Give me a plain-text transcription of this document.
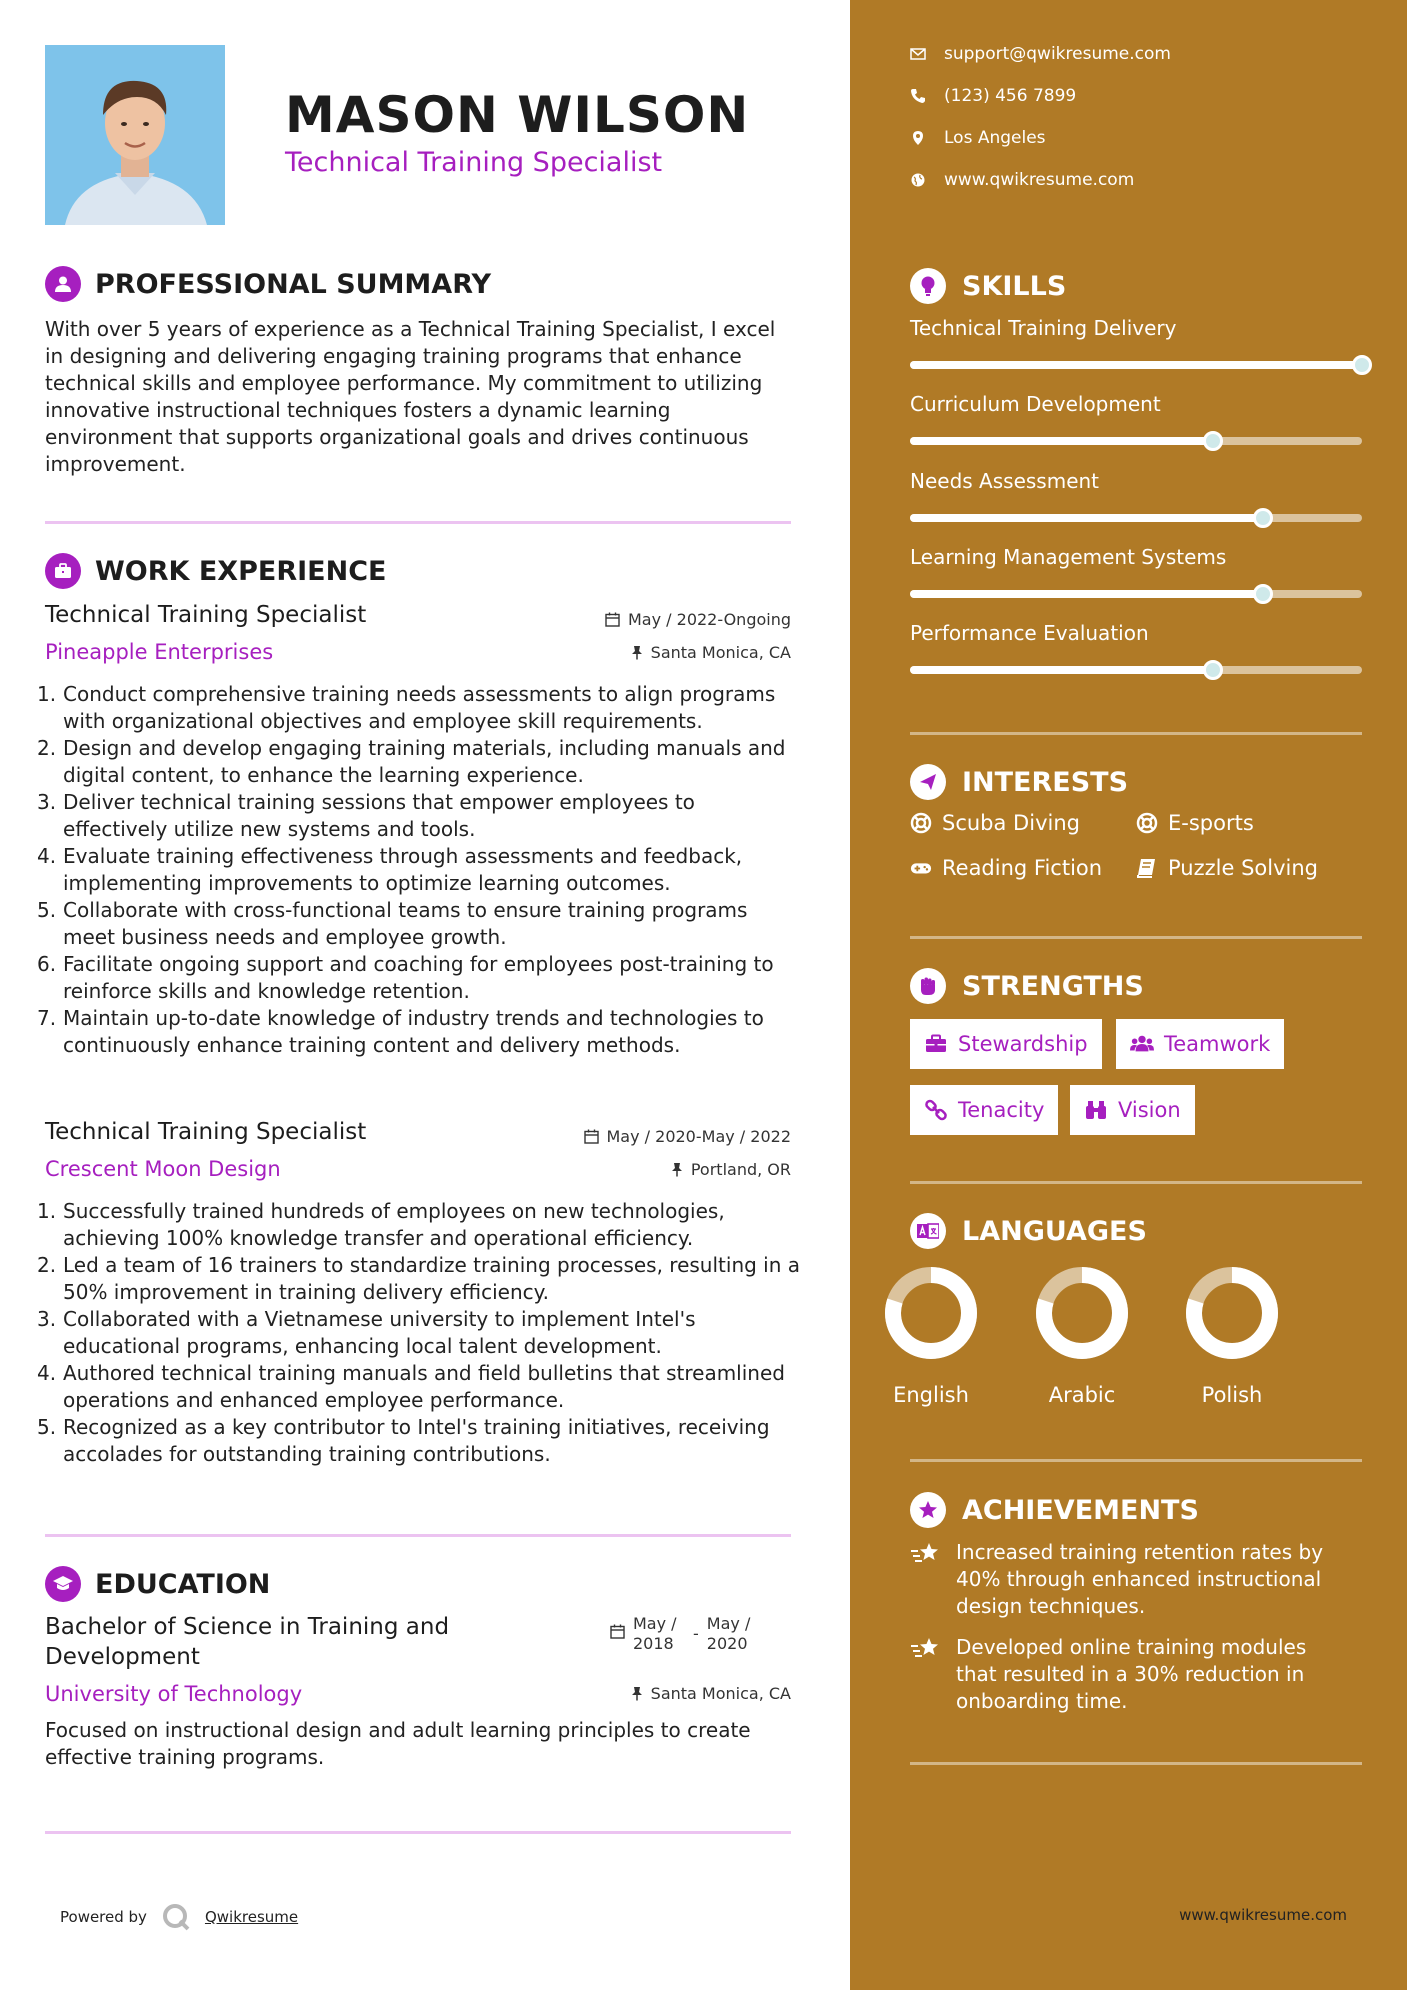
MASON WILSON
Technical Training Specialist
PROFESSIONAL SUMMARY
With over 5 years of experience as a Technical Training Specialist, I excel in designing and delivering engaging training programs that enhance technical skills and employee performance. My commitment to utilizing innovative instructional techniques fosters a dynamic learning environment that supports organizational goals and drives continuous improvement.
WORK EXPERIENCE
Technical Training Specialist	May / 2022-Ongoing
Pineapple Enterprises	Santa Monica, CA
1. Conduct comprehensive training needs assessments to align programs with organizational objectives and employee skill requirements.
2. Design and develop engaging training materials, including manuals and digital content, to enhance the learning experience.
3. Deliver technical training sessions that empower employees to effectively utilize new systems and tools.
4. Evaluate training effectiveness through assessments and feedback, implementing improvements to optimize learning outcomes.
5. Collaborate with cross-functional teams to ensure training programs meet business needs and employee growth.
6. Facilitate ongoing support and coaching for employees post-training to reinforce skills and knowledge retention.
7. Maintain up-to-date knowledge of industry trends and technologies to continuously enhance training content and delivery methods.
Technical Training Specialist	May / 2020-May / 2022
Crescent Moon Design	Portland, OR
1. Successfully trained hundreds of employees on new technologies, achieving 100% knowledge transfer and operational efficiency.
2. Led a team of 16 trainers to standardize training processes, resulting in a 50% improvement in training delivery efficiency.
3. Collaborated with a Vietnamese university to implement Intel's educational programs, enhancing local talent development.
4. Authored technical training manuals and field bulletins that streamlined operations and enhanced employee performance.
5. Recognized as a key contributor to Intel's training initiatives, receiving accolades for outstanding training contributions.
EDUCATION
Bachelor of Science in Training and Development
May /
2018
-
May /
2020
University of Technology	Santa Monica, CA
Focused on instructional design and adult learning principles to create effective training programs.
Powered by	Qwikresume
support@qwikresume.com
(123) 456 7899
Los Angeles
www.qwikresume.com
SKILLS
Technical Training Delivery
Curriculum Development
Needs Assessment
Learning Management Systems
Performance Evaluation
INTERESTS
Scuba Diving	E-sports
Reading Fiction	Puzzle Solving
STRENGTHS
Stewardship	Teamwork
Tenacity	Vision
LANGUAGES
English	Arabic	Polish
ACHIEVEMENTS
Increased training retention rates by 40% through enhanced instructional design techniques.
Developed online training modules that resulted in a 30% reduction in onboarding time.
www.qwikresume.com
